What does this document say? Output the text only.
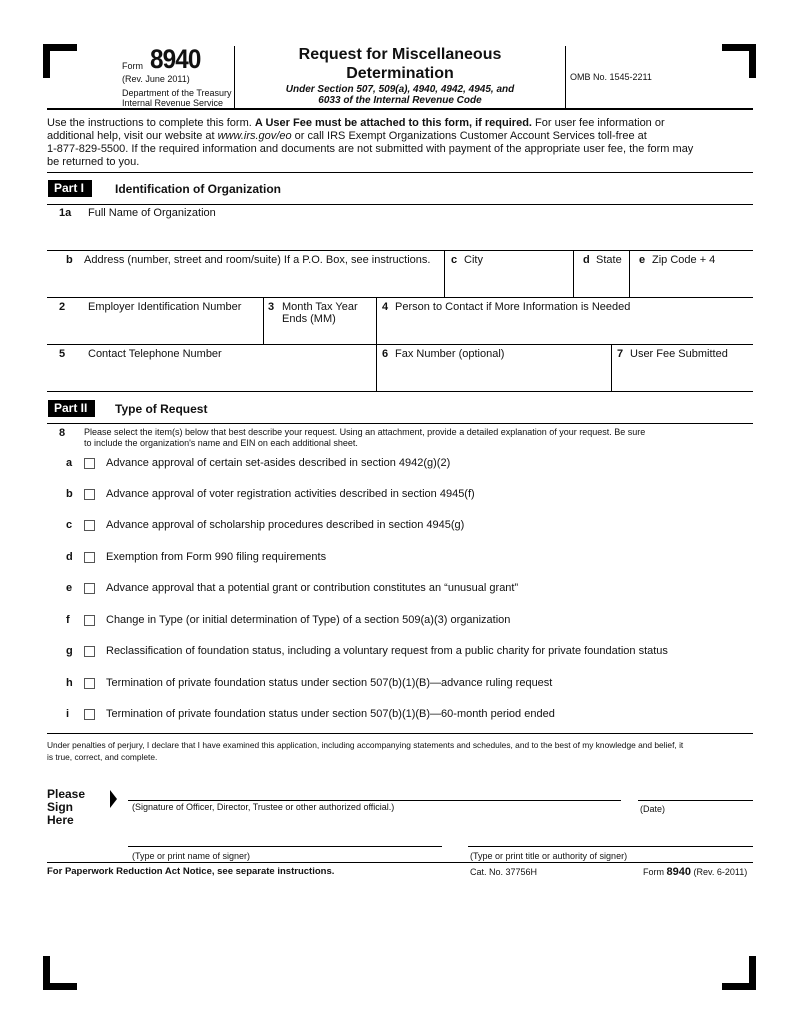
Form 8940
(Rev. June 2011)
Department of the Treasury
Internal Revenue Service
Request for Miscellaneous
Determination
Under Section 507, 509(a), 4940, 4942, 4945, and
6033 of the Internal Revenue Code
OMB No. 1545-2211
Use the instructions to complete this form. A User Fee must be attached to this form, if required. For user fee information or
additional help, visit our website at www.irs.gov/eo or call IRS Exempt Organizations Customer Account Services toll-free at
1-877-829-5500. If the required information and documents are not submitted with payment of the appropriate user fee, the form may
be returned to you.
Part I	Identification of Organization
1a Full Name of Organization
b Address (number, street and room/suite) If a P.O. Box, see instructions. c City	d State e Zip Code + 4
2 Employer Identification Number 3 Month Tax Year
Ends (MM)
4 Person to Contact if More Information is Needed
5 Contact Telephone Number	6 Fax Number (optional)	7 User Fee Submitted
Part II	Type of Request
8 Please select the item(s) below that best describe your request. Using an attachment, provide a detailed explanation of your request. Be sure
to include the organization's name and EIN on each additional sheet.
a	Advance approval of certain set-asides described in section 4942(g)(2)
b	Advance approval of voter registration activities described in section 4945(f)
c	Advance approval of scholarship procedures described in section 4945(g)
d	Exemption from Form 990 filing requirements
e	Advance approval that a potential grant or contribution constitutes an “unusual grant”
f	Change in Type (or initial determination of Type) of a section 509(a)(3) organization
g	Reclassification of foundation status, including a voluntary request from a public charity for private foundation status
h	Termination of private foundation status under section 507(b)(1)(B)—advance ruling request
i	Termination of private foundation status under section 507(b)(1)(B)—60-month period ended
Under penalties of perjury, I declare that I have examined this application, including accompanying statements and schedules, and to the best of my knowledge and belief, it
is true, correct, and complete.
Please
Sign
Here
(Signature of Officer, Director, Trustee or other authorized official.)	(Date)
(Type or print name of signer)	(Type or print title or authority of signer)
For Paperwork Reduction Act Notice, see separate instructions.	Cat. No. 37756H	Form 8940 (Rev. 6-2011)
